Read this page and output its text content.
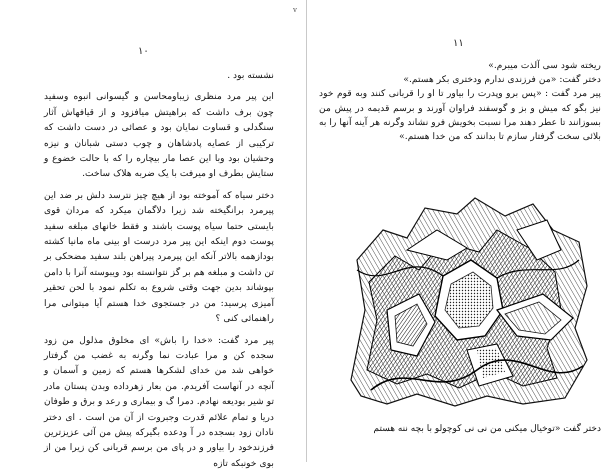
v
۱۰

نشسته بود .

این پیر مرد منظری زیباومحاسن و گیسوانی انبوه وسفید چون برف داشت که براهیتش میافزود و از قیافهاش آثار سنگدلی و قساوت نمایان بود و عصائی در دست داشت که ترکیبی از عصایه پادشاهان و چوب دستی شبانان و نیزه وحشیان بود وبا این عصا مار بیچاره را که با حالت خضوع و ستایش بطرف او میرفت با یک ضربه هلاک ساخت.

دختر سیاه که آموخته بود از هیچ چیز نترسد دلش بر ضد این پیرمرد برانگیخته شد زیرا دلاگمان میکرد که مردان قوی بایستی حتما سیاه پوست باشند و فقط خانهای مبلغه سفید پوست دوم اینکه این پیر مرد درست او بینی ماه مانیا کشته بودازهمه بالاتر آنکه این پیرمرد پیراهن بلند سفید مضحکی بر تن داشت و مبلغه هم بر گز نتوانسته بود ویبوسته آنرا با دامن بپوشاند بدین جهت وقتی شروع به تکلم نمود با لحن تحقیر آمیزی پرسید: من در جستجوی خدا هستم آیا میتوانی مرا راهنمائی کنی ؟

پیر مرد گفت: «خدا را باش» ای مخلوق مذلول من زود سجده کن و مرا عبادت نما وگرنه به غضب من گرفتار خواهی شد من خدای لشکرها هستم که زمین و آسمان و آنچه در آنهاست آفریدم. من بعار زهرداده وبدن پستان مادر تو شیر بودیعه نهادم. دمرا گ و بیماری و رعد و برق و طوفان دریا و تمام علائم قدرت وجبروت از آن من است . ای دختر نادان زود بسجده در آ ودعده بگیرکه پیش من آئی عزیزترین فرزندخود را بیاور و در پای من برسم قربانی کن زیرا من از بوی خونبکه تازه

۱۱

ریخته شود سی آلذت میبرم.»

دختر گفت: «من فرزندی ندارم ودختری بکر هستم.»

پیر مرد گفت : «پس برو وپدرت را بیاور تا او را قربانی کنند وبه قوم خود نیز بگو که میش و بز و گوسفند فراوان آورند و برسم قدیمه در پیش من بسوزانند تا عطر دهند مرا نسبت بخویش فرو نشاند وگرنه هر آینه آنها را به بلائی سخت گرفتار سازم تا بدانند که من خدا هستم.»

دختر گفت «توخیال میکنی من نی نی کوچولو با بچه ننه هستم
